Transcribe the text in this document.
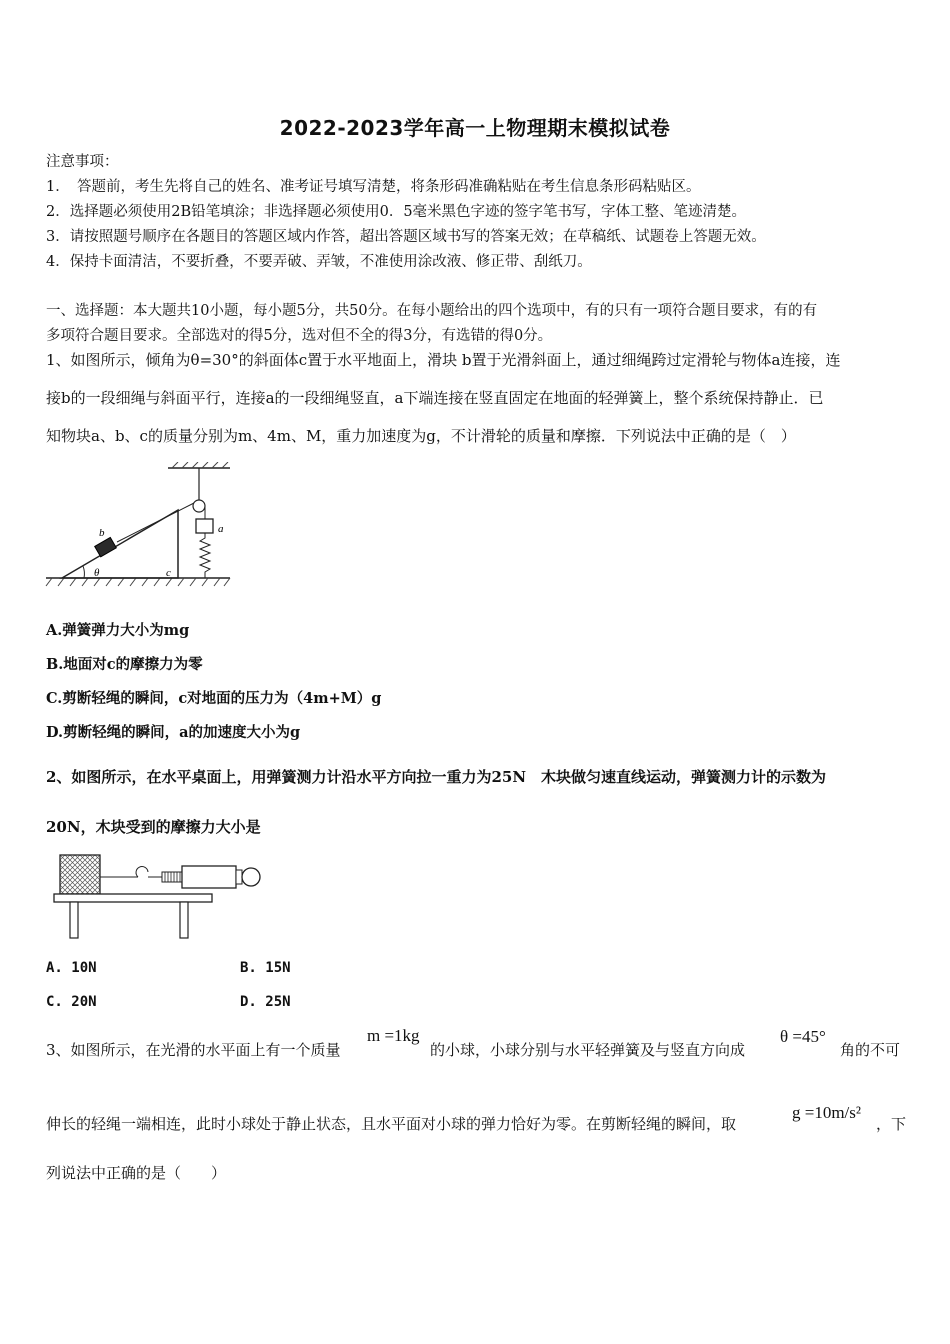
2022-2023学年高一上物理期末模拟试卷
注意事项：
1．　答题前，考生先将自己的姓名、准考证号填写清楚，将条形码准确粘贴在考生信息条形码粘贴区。
2．选择题必须使用2B铅笔填涂；非选择题必须使用0．5毫米黑色字迹的签字笔书写，字体工整、笔迹清楚。
3．请按照题号顺序在各题目的答题区域内作答，超出答题区域书写的答案无效；在草稿纸、试题卷上答题无效。
4．保持卡面清洁，不要折叠，不要弄破、弄皱，不准使用涂改液、修正带、刮纸刀。
一、选择题：本大题共10小题，每小题5分，共50分。在每小题给出的四个选项中，有的只有一项符合题目要求，有的有
多项符合题目要求。全部选对的得5分，选对但不全的得3分，有选错的得0分。
1、如图所示，倾角为θ=30°的斜面体c置于水平地面上，滑块 b置于光滑斜面上，通过细绳跨过定滑轮与物体a连接，连
接b的一段细绳与斜面平行，连接a的一段细绳竖直，a下端连接在竖直固定在地面的轻弹簧上，整个系统保持静止．已
知物块a、b、c的质量分别为m、4m、M，重力加速度为g，不计滑轮的质量和摩擦．下列说法中正确的是（　）
θ	c
a
b
A.弹簧弹力大小为mg
B.地面对c的摩擦力为零
C.剪断轻绳的瞬间，c对地面的压力为（4m+M）g
D.剪断轻绳的瞬间，a的加速度大小为g
2、如图所示，在水平桌面上，用弹簧测力计沿水平方向拉一重力为25N　木块做匀速直线运动，弹簧测力计的示数为
20N，木块受到的摩擦力大小是
A. 10N	B. 15N
C. 20N	D. 25N
3、如图所示，在光滑的水平面上有一个质量
m =1kg
的小球，小球分别与水平轻弹簧及与竖直方向成
θ =45°
角的不可
伸长的轻绳一端相连，此时小球处于静止状态，且水平面对小球的弹力恰好为零。在剪断轻绳的瞬间，取
g =10m/s²
，下
列说法中正确的是（　　）
